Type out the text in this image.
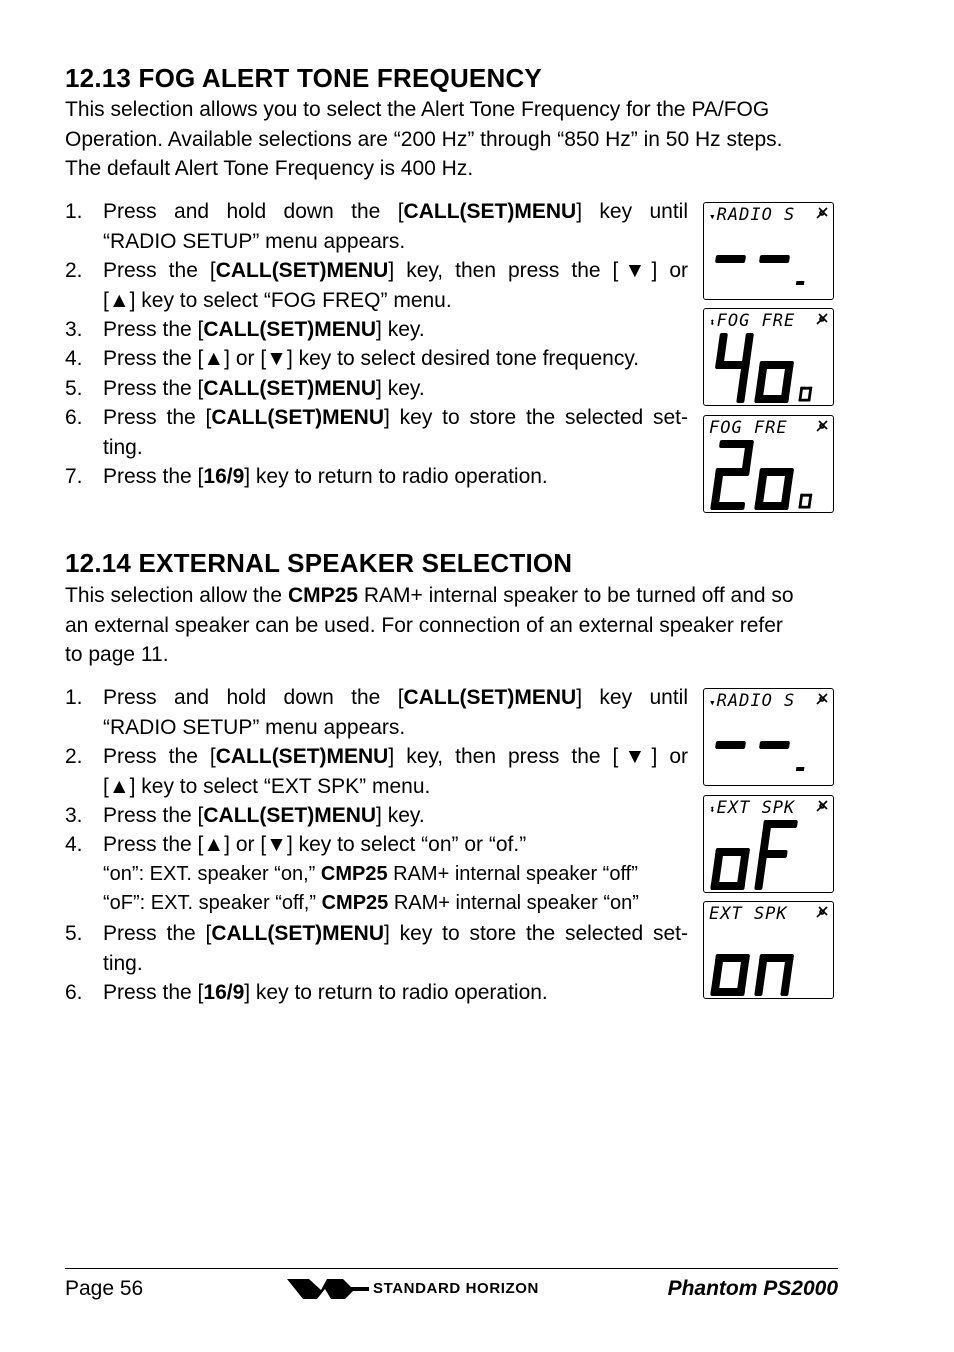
12.13 FOG ALERT TONE FREQUENCY
This selection allows you to select the Alert Tone Frequency for the PA/FOG
Operation. Available selections are “200 Hz” through “850 Hz” in 50 Hz steps.
The default Alert Tone Frequency is 400 Hz.
1. Press and hold down the [CALL(SET)MENU] key until
“RADIO SETUP” menu appears.
2. Press the [CALL(SET)MENU] key, then press the [▼] or
[▲] key to select “FOG FREQ” menu.
3. Press the [CALL(SET)MENU] key.
4. Press the [▲] or [▼] key to select desired tone frequency.
5. Press the [CALL(SET)MENU] key.
6. Press the [CALL(SET)MENU] key to store the selected set-
ting.
7. Press the [16/9] key to return to radio operation.
12.14 EXTERNAL SPEAKER SELECTION
This selection allow the CMP25 RAM+ internal speaker to be turned off and so
an external speaker can be used. For connection of an external speaker refer
to page 11.
1. Press and hold down the [CALL(SET)MENU] key until
“RADIO SETUP” menu appears.
2. Press the [CALL(SET)MENU] key, then press the [▼] or
[▲] key to select “EXT SPK” menu.
3. Press the [CALL(SET)MENU] key.
4. Press the [▲] or [▼] key to select “on” or “of.”
5. Press the [CALL(SET)MENU] key to store the selected set-
ting.
6. Press the [16/9] key to return to radio operation.
“on”: EXT. speaker “on,” CMP25 RAM+ internal speaker “off”
“oF”: EXT. speaker “off,” CMP25 RAM+ internal speaker “on”
▾RADIO S
⬍FOG FRE
FOG FRE
▾RADIO S
⬍EXT SPK
EXT SPK
Page 56	STANDARD HORIZON	Phantom PS2000
